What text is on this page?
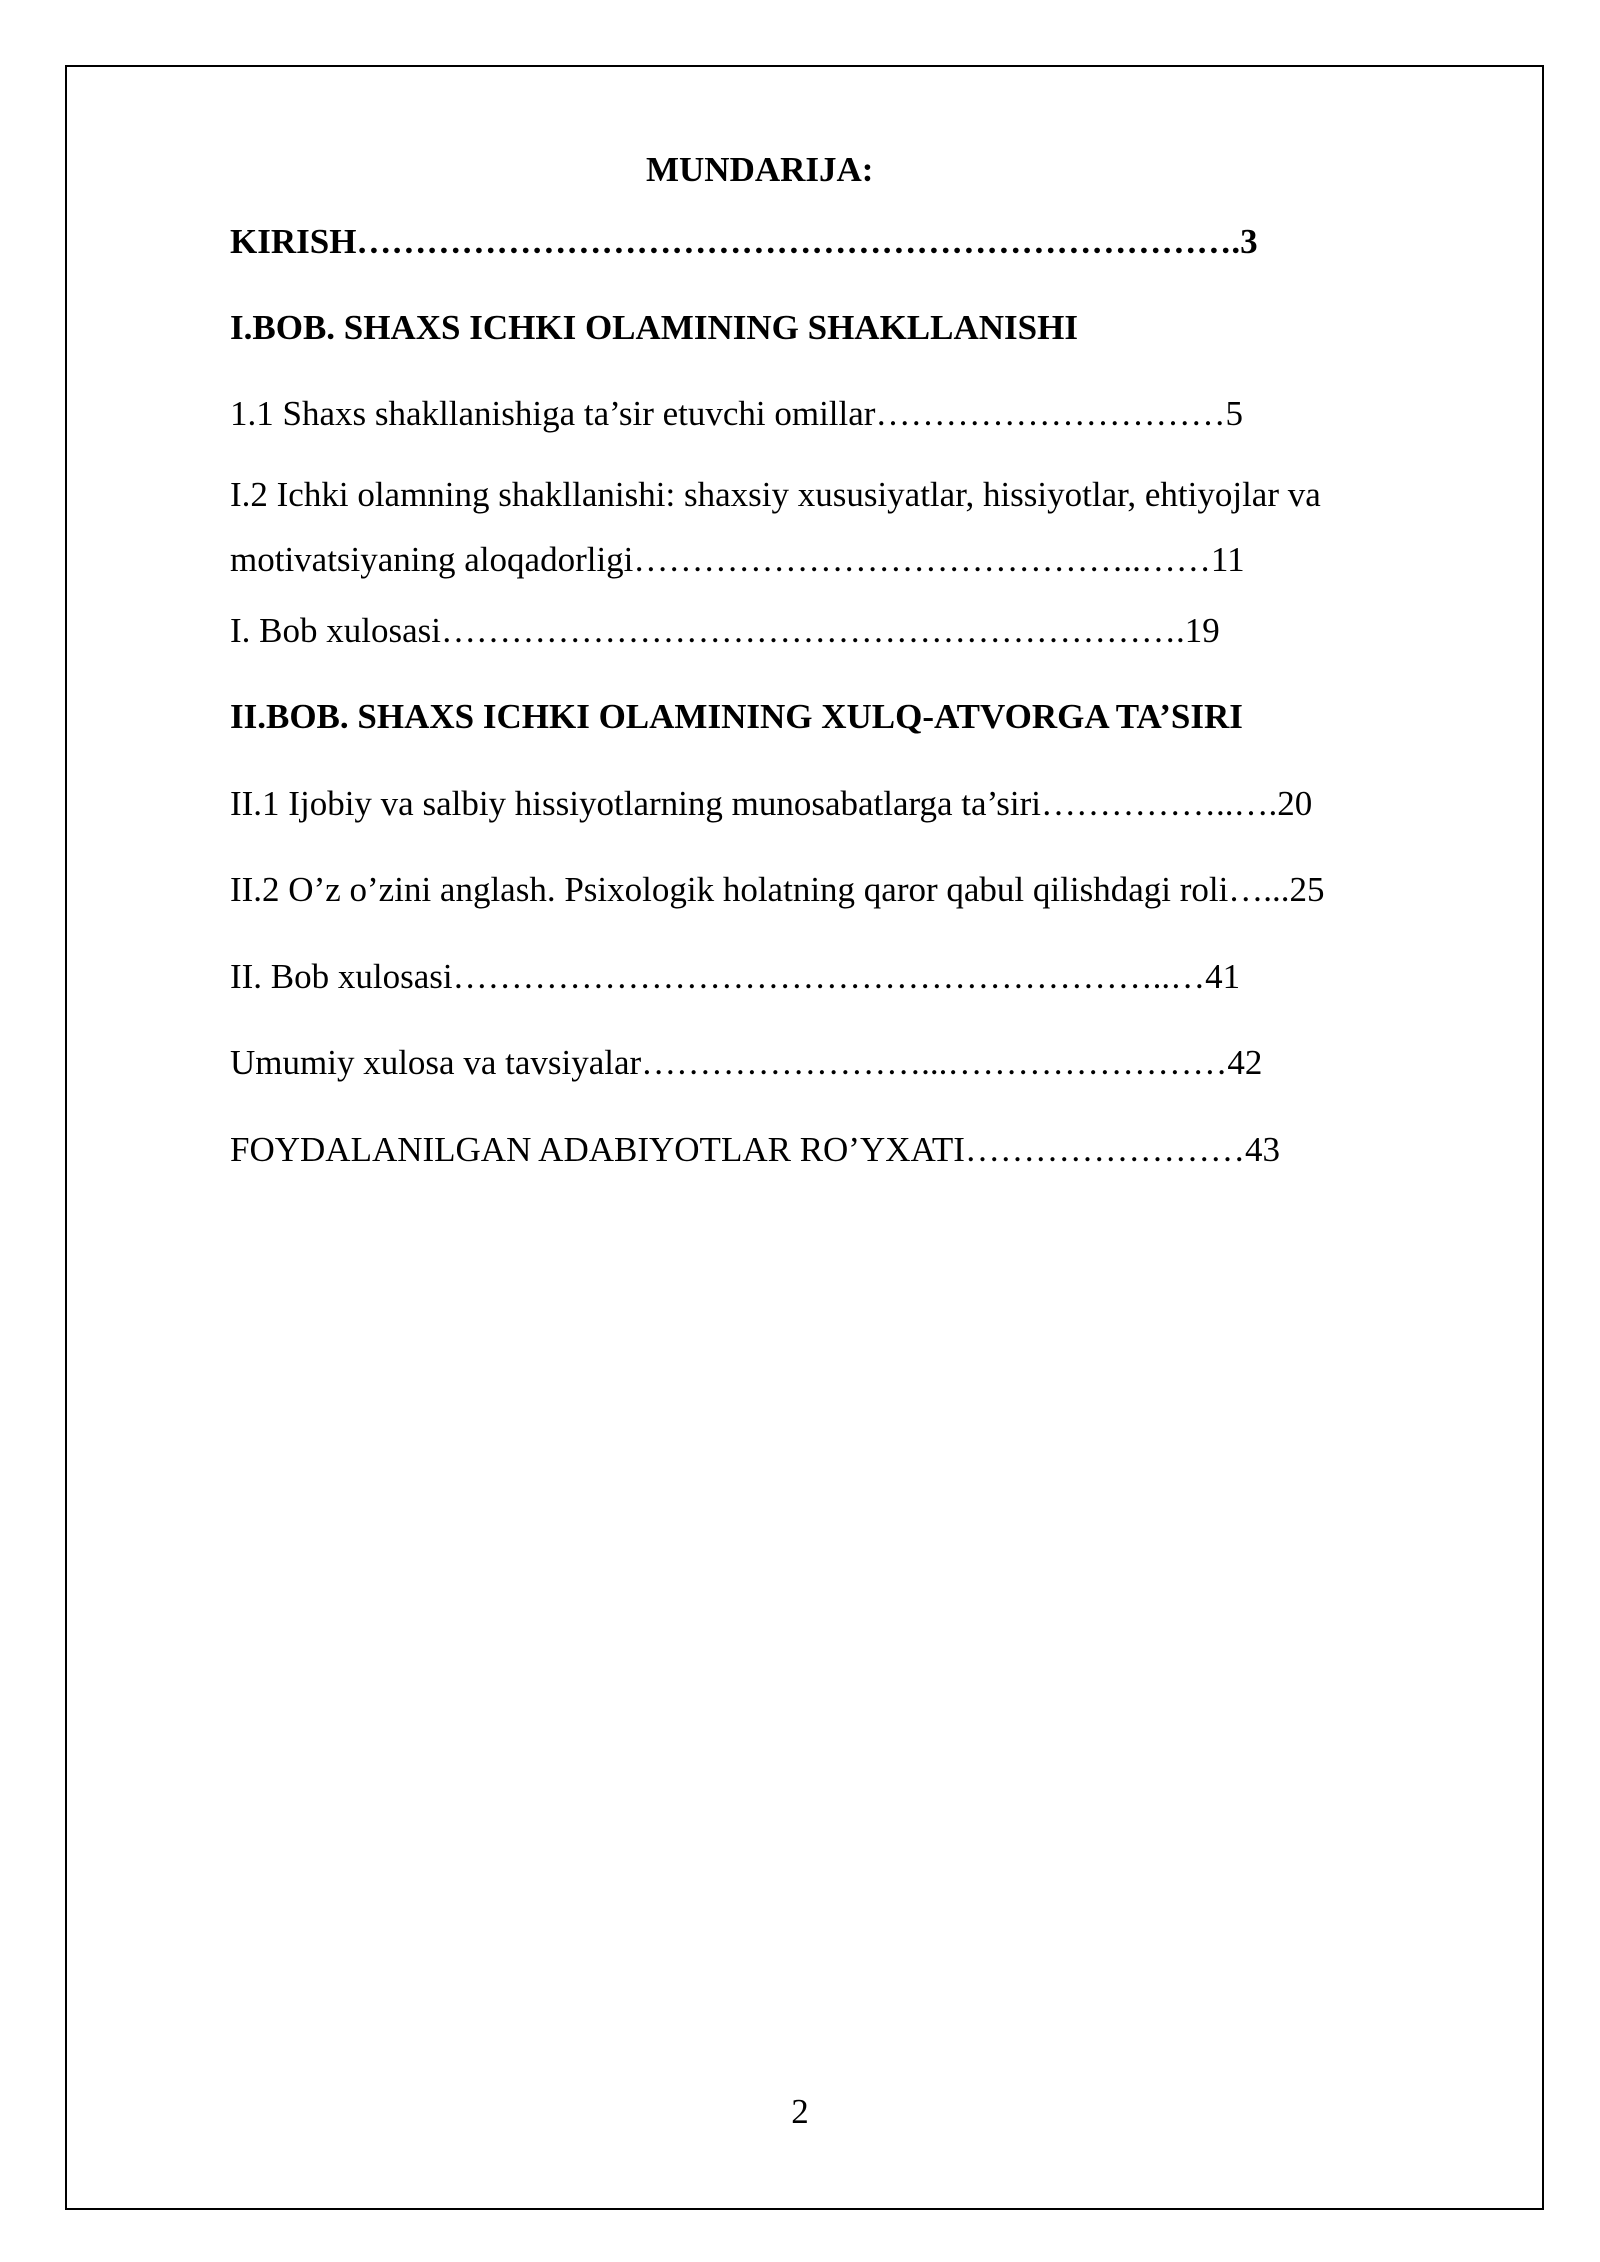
MUNDARIJA:
KIRISH………………………………………………………………….3
I.BOB. SHAXS ICHKI OLAMINING SHAKLLANISHI
1.1 Shaxs shakllanishiga ta’sir etuvchi omillar…………………………5
I.2 Ichki olamning shakllanishi: shaxsiy xususiyatlar, hissiyotlar, ehtiyojlar va motivatsiyaning aloqadorligi……………………………………..……11
I. Bob xulosasi……………………………………………………….19
II.BOB. SHAXS ICHKI OLAMINING XULQ-ATVORGA TA’SIRI
II.1 Ijobiy va salbiy hissiyotlarning munosabatlarga ta’siri……………..….20
II.2 O’z o’zini anglash. Psixologik holatning qaror qabul qilishdagi roli…...25
II. Bob xulosasi……………………………………………………..…41
Umumiy xulosa va tavsiyalar……………………...……………………42
FOYDALANILGAN ADABIYOTLAR RO’YXATI……………………43
2
